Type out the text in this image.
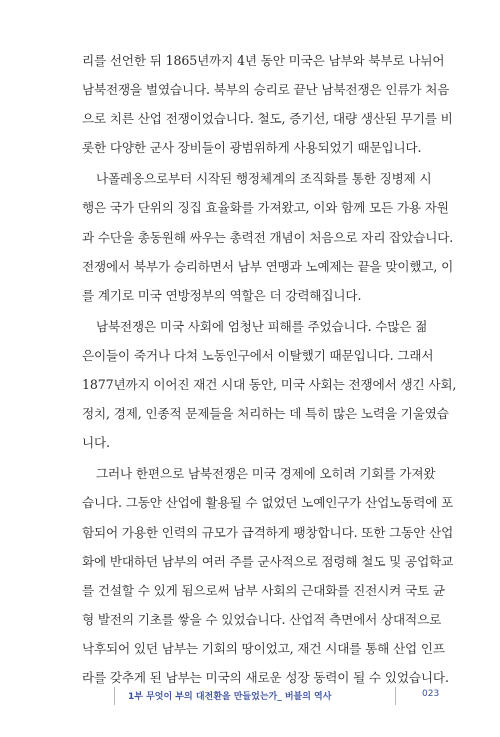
리를 선언한 뒤 1865년까지 4년 동안 미국은 남부와 북부로 나뉘어
남북전쟁을 벌였습니다. 북부의 승리로 끝난 남북전쟁은 인류가 처음
으로 치른 산업 전쟁이었습니다. 철도, 증기선, 대량 생산된 무기를 비
롯한 다양한 군사 장비들이 광범위하게 사용되었기 때문입니다.
나폴레옹으로부터 시작된 행정체계의 조직화를 통한 징병제 시
행은 국가 단위의 징집 효율화를 가져왔고, 이와 함께 모든 가용 자원
과 수단을 총동원해 싸우는 총력전 개념이 처음으로 자리 잡았습니다.
전쟁에서 북부가 승리하면서 남부 연맹과 노예제는 끝을 맞이했고, 이
를 계기로 미국 연방정부의 역할은 더 강력해집니다.
남북전쟁은 미국 사회에 엄청난 피해를 주었습니다. 수많은 젊
은이들이 죽거나 다쳐 노동인구에서 이탈했기 때문입니다. 그래서
1877년까지 이어진 재건 시대 동안, 미국 사회는 전쟁에서 생긴 사회,
정치, 경제, 인종적 문제들을 처리하는 데 특히 많은 노력을 기울였습
니다.
그러나 한편으로 남북전쟁은 미국 경제에 오히려 기회를 가져왔
습니다. 그동안 산업에 활용될 수 없었던 노예인구가 산업노동력에 포
함되어 가용한 인력의 규모가 급격하게 팽창합니다. 또한 그동안 산업
화에 반대하던 남부의 여러 주를 군사적으로 점령해 철도 및 공업학교
를 건설할 수 있게 됨으로써 남부 사회의 근대화를 진전시켜 국토 균
형 발전의 기초를 쌓을 수 있었습니다. 산업적 측면에서 상대적으로
낙후되어 있던 남부는 기회의 땅이었고, 재건 시대를 통해 산업 인프
라를 갖추게 된 남부는 미국의 새로운 성장 동력이 될 수 있었습니다.
1부 무엇이 부의 대전환을 만들었는가_ 버블의 역사	023
